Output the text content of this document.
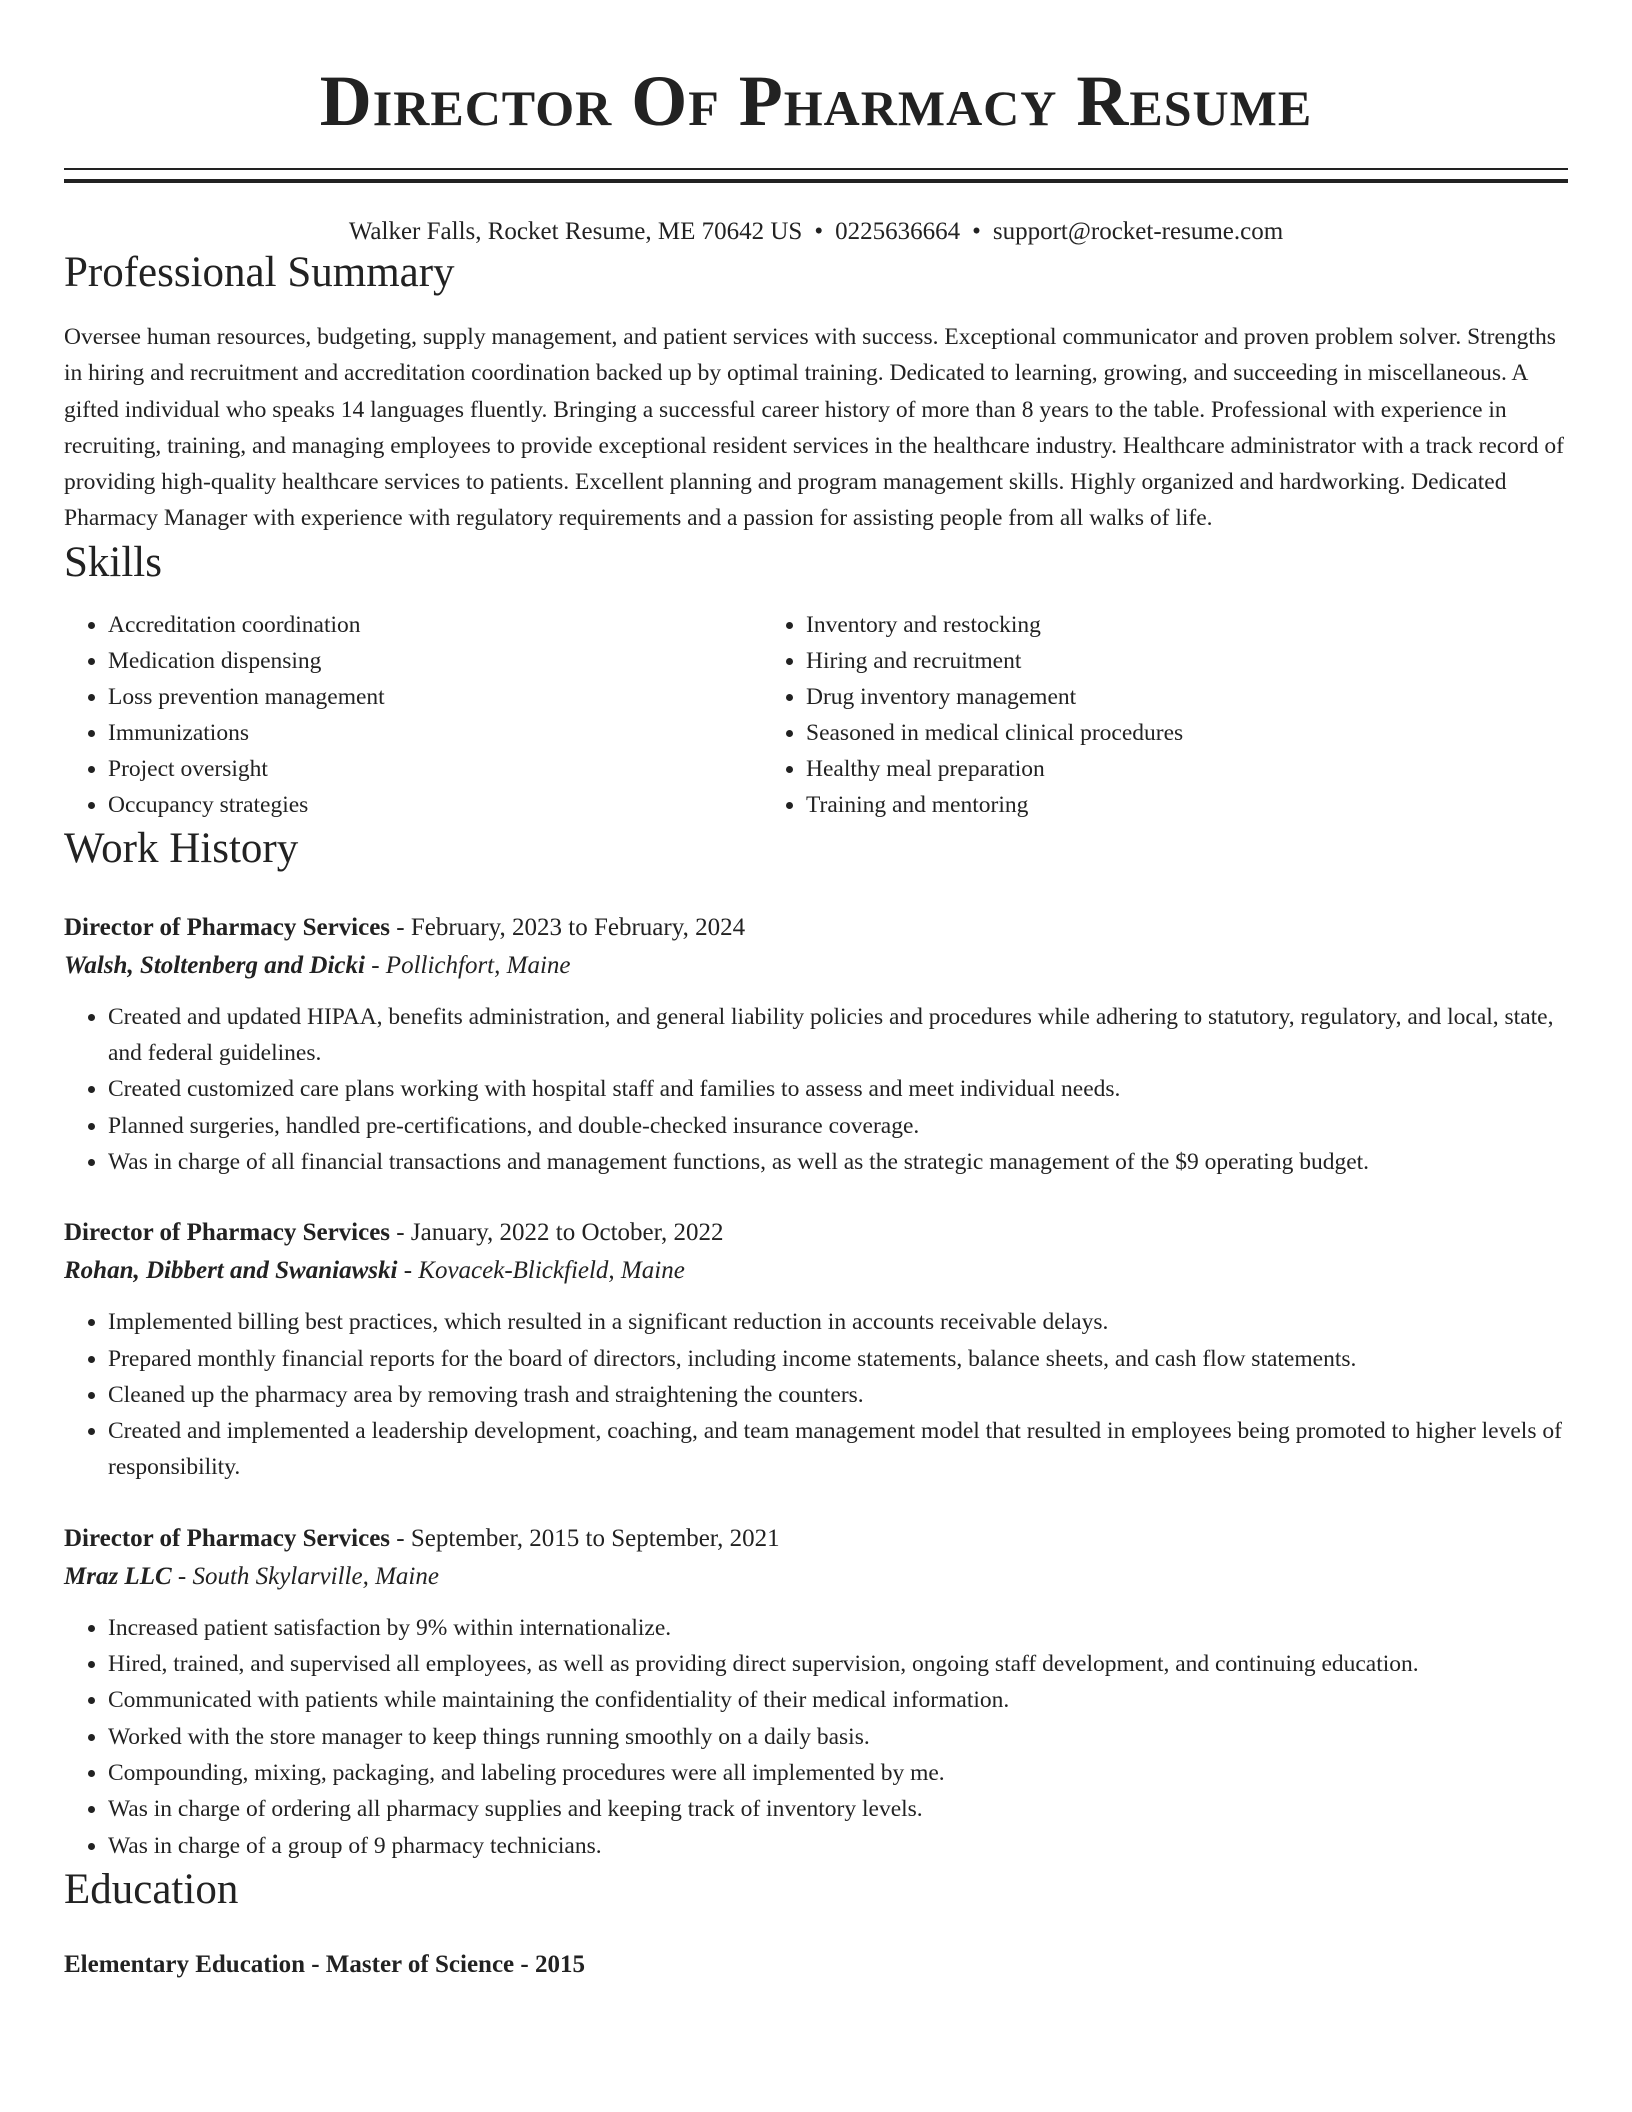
Director Of Pharmacy Resume
Walker Falls, Rocket Resume, ME 70642 US • 0225636664 • support@rocket-resume.com
Professional Summary

Oversee human resources, budgeting, supply management, and patient services with success. Exceptional communicator and proven problem solver. Strengths in hiring and recruitment and accreditation coordination backed up by optimal training. Dedicated to learning, growing, and succeeding in miscellaneous. A gifted individual who speaks 14 languages fluently. Bringing a successful career history of more than 8 years to the table. Professional with experience in recruiting, training, and managing employees to provide exceptional resident services in the healthcare industry. Healthcare administrator with a track record of providing high-quality healthcare services to patients. Excellent planning and program management skills. Highly organized and hardworking. Dedicated Pharmacy Manager with experience with regulatory requirements and a passion for assisting people from all walks of life.

Skills
• Accreditation coordination
• Medication dispensing
• Loss prevention management
• Immunizations
• Project oversight
• Occupancy strategies
• Inventory and restocking
• Hiring and recruitment
• Drug inventory management
• Seasoned in medical clinical procedures
• Healthy meal preparation
• Training and mentoring
Work History
Director of Pharmacy Services - February, 2023 to February, 2024
Walsh, Stoltenberg and Dicki - Pollichfort, Maine
• Created and updated HIPAA, benefits administration, and general liability policies and procedures while adhering to statutory, regulatory, and local, state, and federal guidelines.
• Created customized care plans working with hospital staff and families to assess and meet individual needs.
• Planned surgeries, handled pre-certifications, and double-checked insurance coverage.
• Was in charge of all financial transactions and management functions, as well as the strategic management of the $9 operating budget.
Director of Pharmacy Services - January, 2022 to October, 2022
Rohan, Dibbert and Swaniawski - Kovacek-Blickfield, Maine
• Implemented billing best practices, which resulted in a significant reduction in accounts receivable delays.
• Prepared monthly financial reports for the board of directors, including income statements, balance sheets, and cash flow statements.
• Cleaned up the pharmacy area by removing trash and straightening the counters.
• Created and implemented a leadership development, coaching, and team management model that resulted in employees being promoted to higher levels of responsibility.
Director of Pharmacy Services - September, 2015 to September, 2021
Mraz LLC - South Skylarville, Maine
• Increased patient satisfaction by 9% within internationalize.
• Hired, trained, and supervised all employees, as well as providing direct supervision, ongoing staff development, and continuing education.
• Communicated with patients while maintaining the confidentiality of their medical information.
• Worked with the store manager to keep things running smoothly on a daily basis.
• Compounding, mixing, packaging, and labeling procedures were all implemented by me.
• Was in charge of ordering all pharmacy supplies and keeping track of inventory levels.
• Was in charge of a group of 9 pharmacy technicians.
Education
Elementary Education - Master of Science - 2015
